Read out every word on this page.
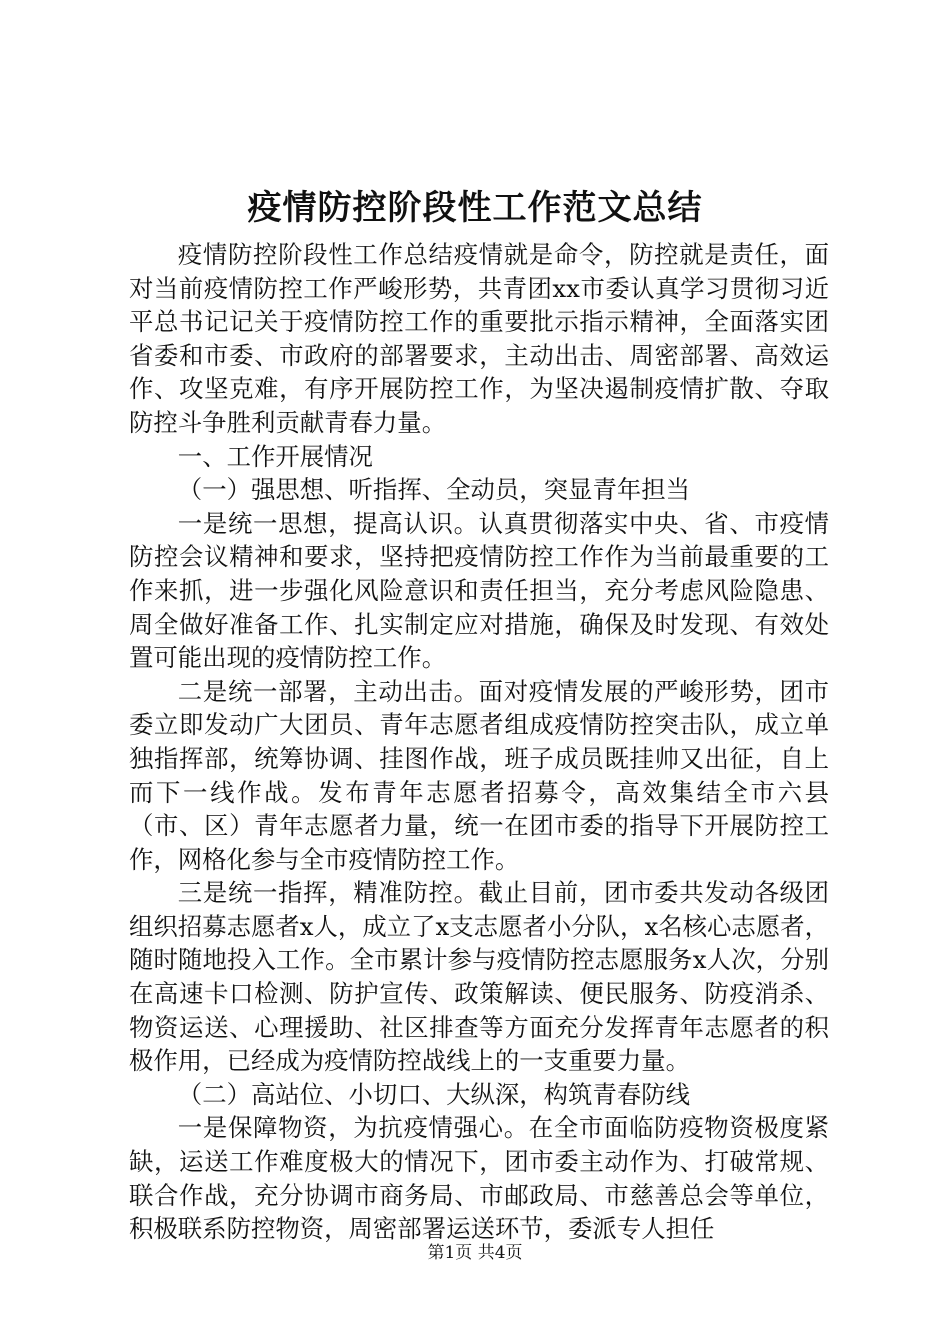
疫情防控阶段性工作范文总结

疫情防控阶段性工作总结疫情就是命令，防控就是责任，面对当前疫情防控工作严峻形势，共青团xx市委认真学习贯彻习近平总书记记关于疫情防控工作的重要批示指示精神，全面落实团省委和市委、市政府的部署要求，主动出击、周密部署、高效运作、攻坚克难，有序开展防控工作，为坚决遏制疫情扩散、夺取防控斗争胜利贡献青春力量。

一、工作开展情况

（一）强思想、听指挥、全动员，突显青年担当

一是统一思想，提高认识。认真贯彻落实中央、省、市疫情防控会议精神和要求，坚持把疫情防控工作作为当前最重要的工作来抓，进一步强化风险意识和责任担当，充分考虑风险隐患、周全做好准备工作、扎实制定应对措施，确保及时发现、有效处置可能出现的疫情防控工作。

二是统一部署，主动出击。面对疫情发展的严峻形势，团市委立即发动广大团员、青年志愿者组成疫情防控突击队，成立单独指挥部，统筹协调、挂图作战，班子成员既挂帅又出征，自上而下一线作战。发布青年志愿者招募令，高效集结全市六县（市、区）青年志愿者力量，统一在团市委的指导下开展防控工作，网格化参与全市疫情防控工作。

三是统一指挥，精准防控。截止目前，团市委共发动各级团组织招募志愿者x人，成立了x支志愿者小分队，x名核心志愿者，随时随地投入工作。全市累计参与疫情防控志愿服务x人次，分别在高速卡口检测、防护宣传、政策解读、便民服务、防疫消杀、物资运送、心理援助、社区排查等方面充分发挥青年志愿者的积极作用，已经成为疫情防控战线上的一支重要力量。

（二）高站位、小切口、大纵深，构筑青春防线

一是保障物资，为抗疫情强心。在全市面临防疫物资极度紧缺，运送工作难度极大的情况下，团市委主动作为、打破常规、联合作战，充分协调市商务局、市邮政局、市慈善总会等单位，积极联系防控物资，周密部署运送环节，委派专人担任

第1页 共4页
